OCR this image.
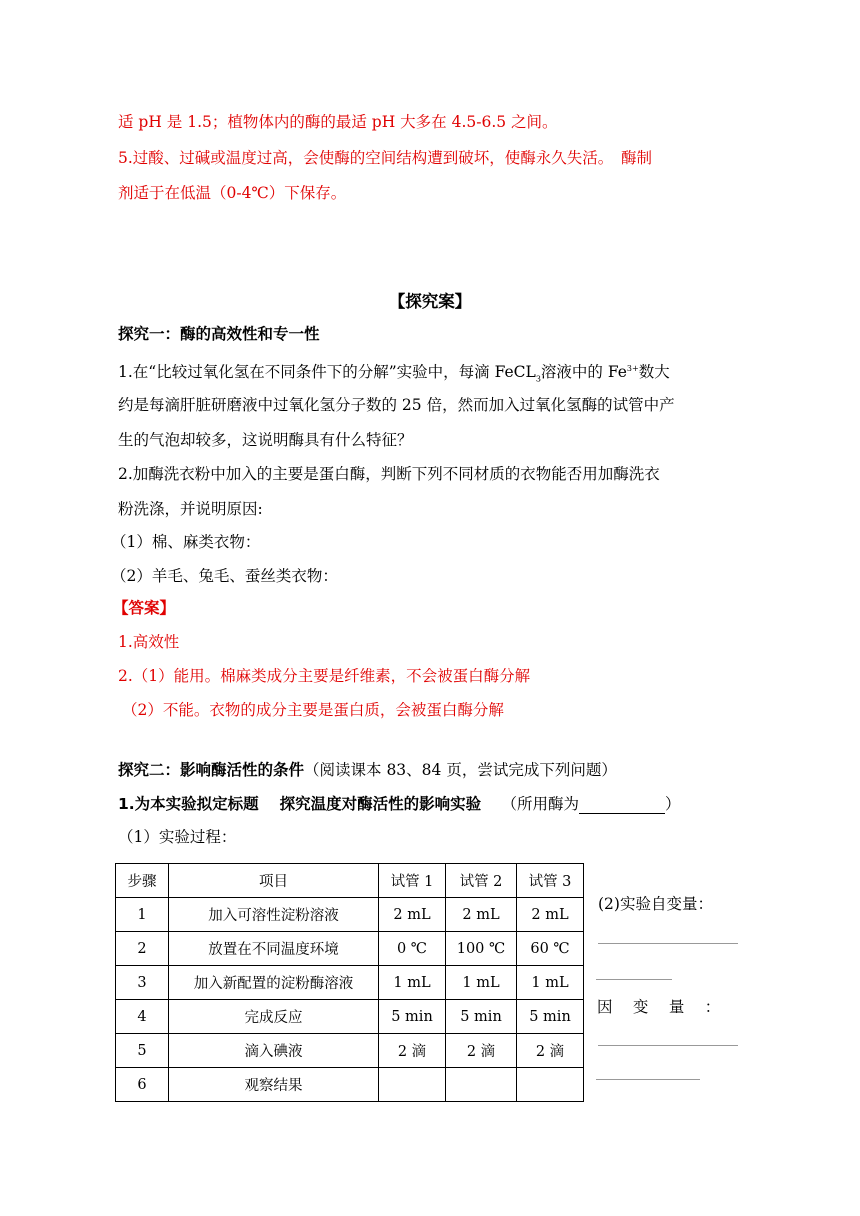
适 pH 是 1.5；植物体内的酶的最适 pH 大多在 4.5-6.5 之间。
5.过酸、过碱或温度过高，会使酶的空间结构遭到破坏，使酶永久失活。　酶制
剂适于在低温（0-4℃）下保存。
【探究案】
探究一：酶的高效性和专一性
1.在“比较过氧化氢在不同条件下的分解”实验中，每滴 FeCL$_3$溶液中的 $Fe^{3+}$数大
约是每滴肝脏研磨液中过氧化氢分子数的 25 倍，然而加入过氧化氢酶的试管中产
生的气泡却较多，这说明酶具有什么特征？
2.加酶洗衣粉中加入的主要是蛋白酶，判断下列不同材质的衣物能否用加酶洗衣
粉洗涤，并说明原因:
（1）棉、麻类衣物：
（2）羊毛、兔毛、蚕丝类衣物：
【答案】
1.高效性
2.（1）能用。棉麻类成分主要是纤维素，不会被蛋白酶分解
（2）不能。衣物的成分主要是蛋白质，会被蛋白酶分解
探究二：影响酶活性的条件（阅读课本 83、84 页，尝试完成下列问题）
1.为本实验拟定标题　 探究温度对酶活性的影响实验　 （所用酶为	）
（1）实验过程：
步骤	项目	试管 1	试管 2	试管 3
1	加入可溶性淀粉溶液	2 mL	2 mL	2 mL
2	放置在不同温度环境	0 ℃	100 ℃	60 ℃
3	加入新配置的淀粉酶溶液	1 mL	1 mL	1 mL
4	完成反应	5 min	5 min	5 min
5	滴入碘液	2 滴	2 滴	2 滴
6	观察结果			
(2)实验自变量：
因　 变　 量　 ：
